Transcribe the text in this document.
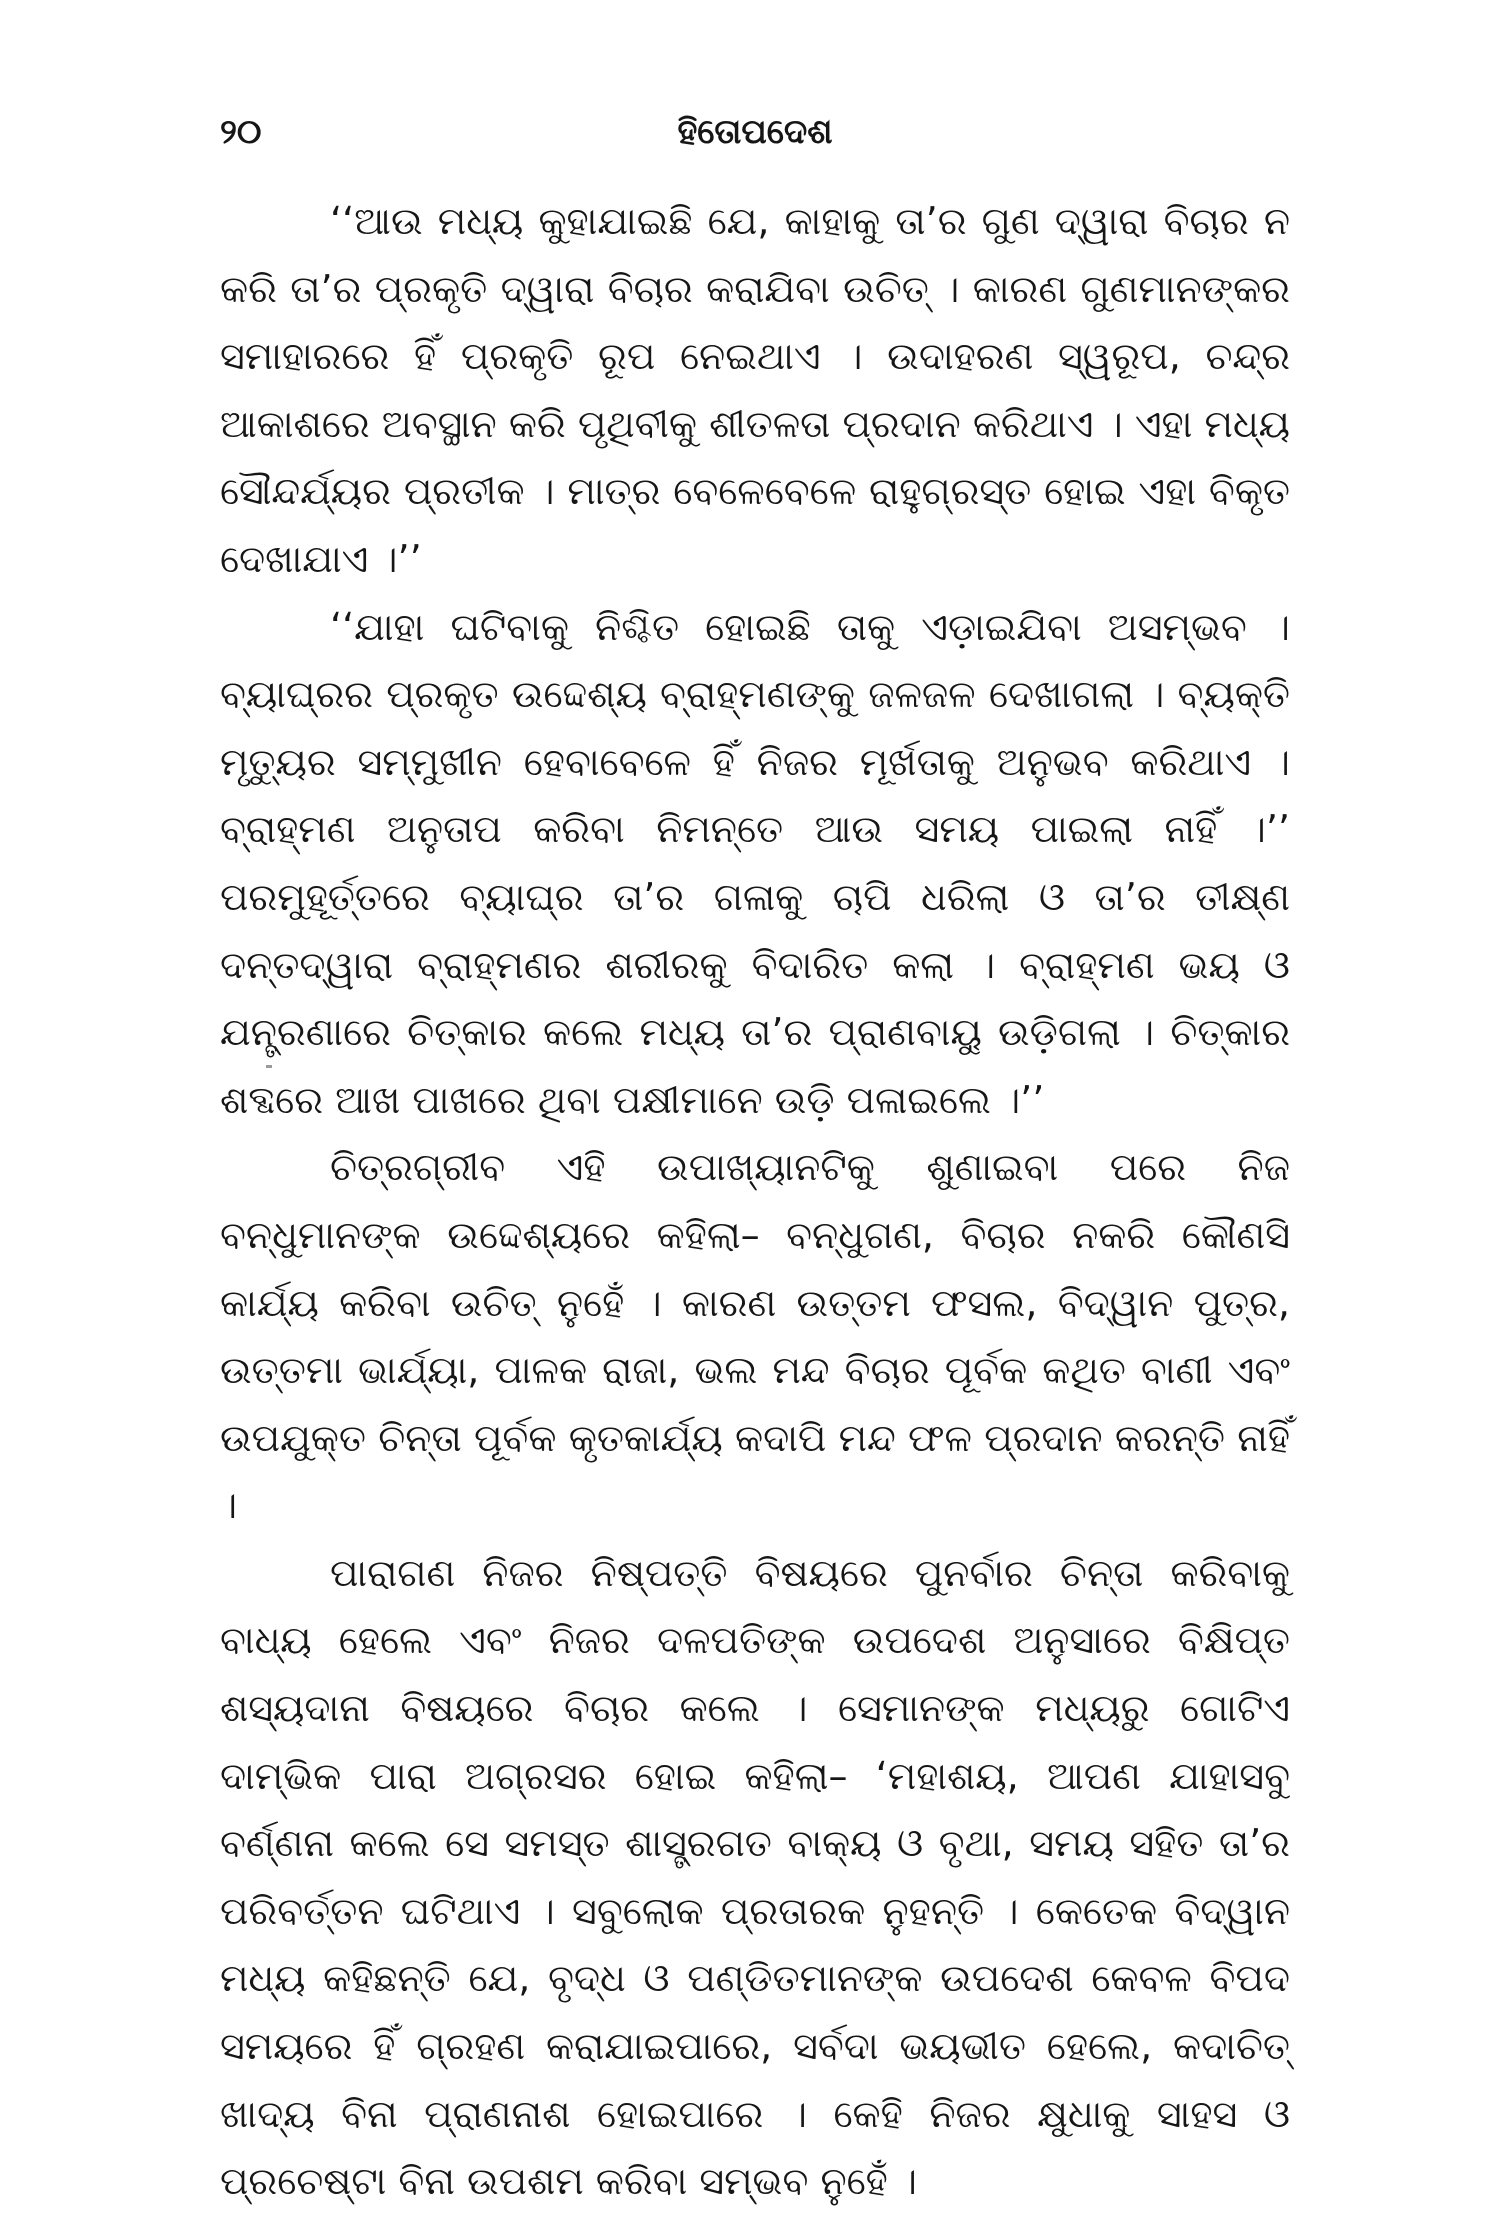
୨୦	ହିତୋପଦେଶ

‘‘ଆଉ ମଧ୍ୟ କୁହାଯାଇଛି ଯେ, କାହାକୁ ତା’ର ଗୁଣ ଦ୍ୱାରା ବିଚାର ନ କରି ତା’ର ପ୍ରକୃତି ଦ୍ୱାରା ବିଚାର କରାଯିବା ଉଚିତ୍ । କାରଣ ଗୁଣମାନଙ୍କର ସମାହାରରେ ହିଁ ପ୍ରକୃତି ରୂପ ନେଇଥାଏ । ଉଦାହରଣ ସ୍ୱରୂପ, ଚନ୍ଦ୍ର ଆକାଶରେ ଅବସ୍ଥାନ କରି ପୃଥିବୀକୁ ଶୀତଳତା ପ୍ରଦାନ କରିଥାଏ । ଏହା ମଧ୍ୟ ସୌନ୍ଦର୍ଯ୍ୟର ପ୍ରତୀକ । ମାତ୍ର ବେଳେବେଳେ ରାହୁଗ୍ରସ୍ତ ହୋଇ ଏହା ବିକୃତ ଦେଖାଯାଏ ।’’

‘‘ଯାହା ଘଟିବାକୁ ନିଶ୍ଚିତ ହୋଇଛି ତାକୁ ଏଡ଼ାଇଯିବା ଅସମ୍ଭବ । ବ୍ୟାଘ୍ରର ପ୍ରକୃତ ଉଦ୍ଦେଶ୍ୟ ବ୍ରାହ୍ମଣଙ୍କୁ ଜଳଜଳ ଦେଖାଗଲା । ବ୍ୟକ୍ତି ମୃତ୍ୟୁର ସମ୍ମୁଖୀନ ହେବାବେଳେ ହିଁ ନିଜର ମୂର୍ଖତାକୁ ଅନୁଭବ କରିଥାଏ । ବ୍ରାହ୍ମଣ ଅନୁତାପ କରିବା ନିମନ୍ତେ ଆଉ ସମୟ ପାଇଲା ନାହିଁ ।’’ ପରମୁହୂର୍ତ୍ତରେ ବ୍ୟାଘ୍ର ତା’ର ଗଳାକୁ ଚାପି ଧରିଲା ଓ ତା’ର ତୀକ୍ଷ୍ଣ ଦନ୍ତଦ୍ୱାରା ବ୍ରାହ୍ମଣର ଶରୀରକୁ ବିଦାରିତ କଲା । ବ୍ରାହ୍ମଣ ଭୟ ଓ ଯନ୍ତ୍ରଣାରେ ଚିତ୍କାର କଲେ ମଧ୍ୟ ତା’ର ପ୍ରାଣବାୟୁ ଉଡ଼ିଗଲା । ଚିତ୍କାର ଶବ୍ଦରେ ଆଖ ପାଖରେ ଥିବା ପକ୍ଷୀମାନେ ଉଡ଼ି ପଳାଇଲେ ।’’

ଚିତ୍ରଗ୍ରୀବ ଏହି ଉପାଖ୍ୟାନଟିକୁ ଶୁଣାଇବା ପରେ ନିଜ ବନ୍ଧୁମାନଙ୍କ ଉଦ୍ଦେଶ୍ୟରେ କହିଲା– ବନ୍ଧୁଗଣ, ବିଚାର ନକରି କୌଣସି କାର୍ଯ୍ୟ କରିବା ଉଚିତ୍ ନୁହେଁ । କାରଣ ଉତ୍ତମ ଫସଲ, ବିଦ୍ୱାନ ପୁତ୍ର, ଉତ୍ତମା ଭାର୍ଯ୍ୟା, ପାଳକ ରାଜା, ଭଲ ମନ୍ଦ ବିଚାର ପୂର୍ବକ କଥିତ ବାଣୀ ଏବଂ ଉପଯୁକ୍ତ ଚିନ୍ତା ପୂର୍ବକ କୃତକାର୍ଯ୍ୟ କଦାପି ମନ୍ଦ ଫଳ ପ୍ରଦାନ କରନ୍ତି ନାହିଁ ।

ପାରାଗଣ ନିଜର ନିଷ୍ପତ୍ତି ବିଷୟରେ ପୁନର୍ବାର ଚିନ୍ତା କରିବାକୁ ବାଧ୍ୟ ହେଲେ ଏବଂ ନିଜର ଦଳପତିଙ୍କ ଉପଦେଶ ଅନୁସାରେ ବିକ୍ଷିପ୍ତ ଶସ୍ୟଦାନା ବିଷୟରେ ବିଚାର କଲେ । ସେମାନଙ୍କ ମଧ୍ୟରୁ ଗୋଟିଏ ଦାମ୍ଭିକ ପାରା ଅଗ୍ରସର ହୋଇ କହିଲା– ‘ମହାଶୟ, ଆପଣ ଯାହାସବୁ ବର୍ଣ୍ଣନା କଲେ ସେ ସମସ୍ତ ଶାସ୍ତ୍ରଗତ ବାକ୍ୟ ଓ ବୃଥା, ସମୟ ସହିତ ତା’ର ପରିବର୍ତ୍ତନ ଘଟିଥାଏ । ସବୁଲୋକ ପ୍ରତାରକ ନୁହନ୍ତି । କେତେକ ବିଦ୍ୱାନ ମଧ୍ୟ କହିଛନ୍ତି ଯେ, ବୃଦ୍ଧ ଓ ପଣ୍ଡିତମାନଙ୍କ ଉପଦେଶ କେବଳ ବିପଦ ସମୟରେ ହିଁ ଗ୍ରହଣ କରାଯାଇପାରେ, ସର୍ବଦା ଭୟଭୀତ ହେଲେ, କଦାଚିତ୍ ଖାଦ୍ୟ ବିନା ପ୍ରାଣନାଶ ହୋଇପାରେ । କେହି ନିଜର କ୍ଷୁଧାକୁ ସାହସ ଓ ପ୍ରଚେଷ୍ଟା ବିନା ଉପଶମ କରିବା ସମ୍ଭବ ନୁହେଁ ।
